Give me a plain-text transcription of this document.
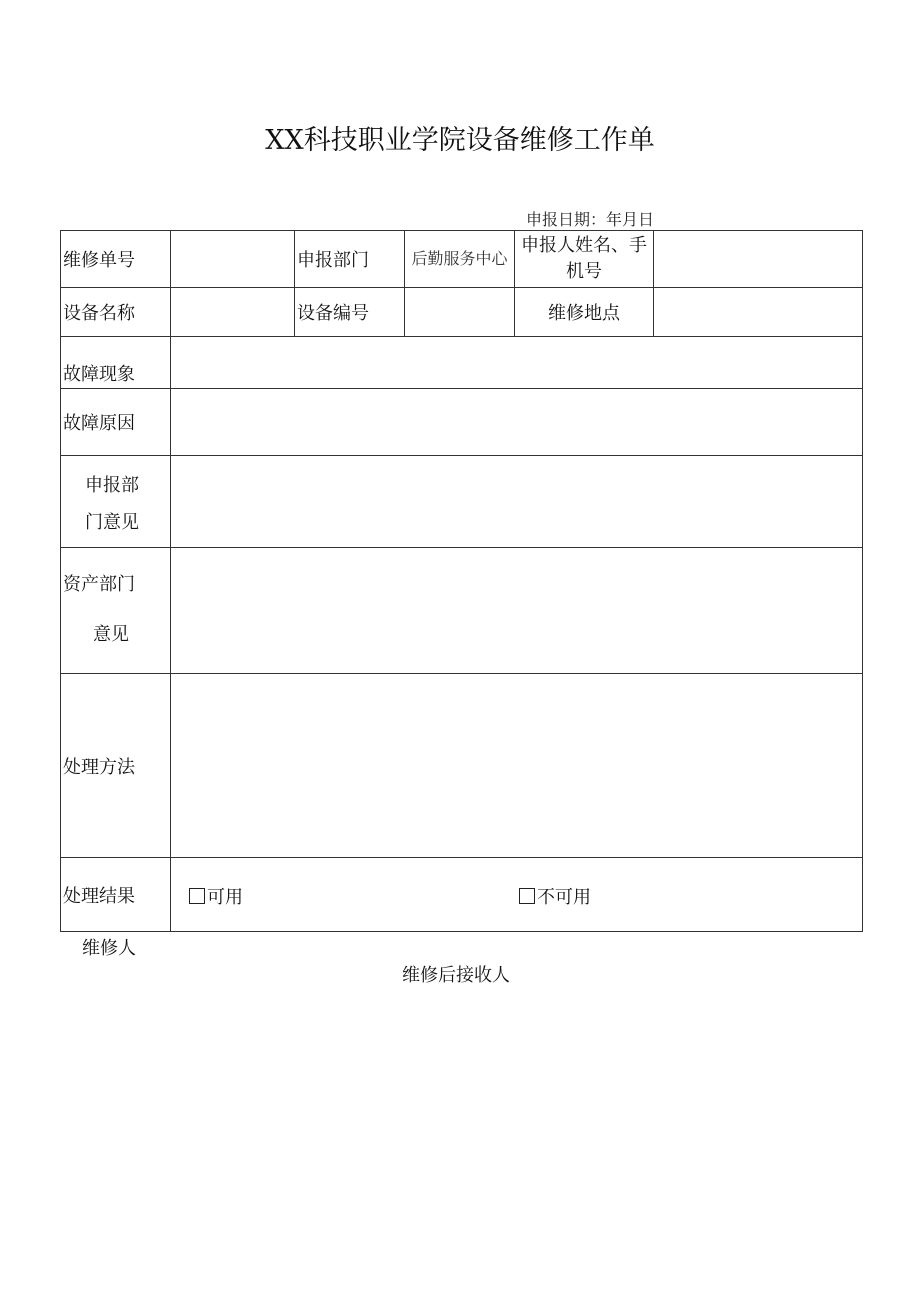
XX科技职业学院设备维修工作单
申报日期：年月日
维修单号		申报部门	后勤服务中心	申报人姓名、手机号	
设备名称		设备编号		维修地点	
故障现象					
故障原因					

申报部
门意见					

资产部门
意见					

处理方法					
处理结果	可用 不可用				
维修人
维修后接收人
